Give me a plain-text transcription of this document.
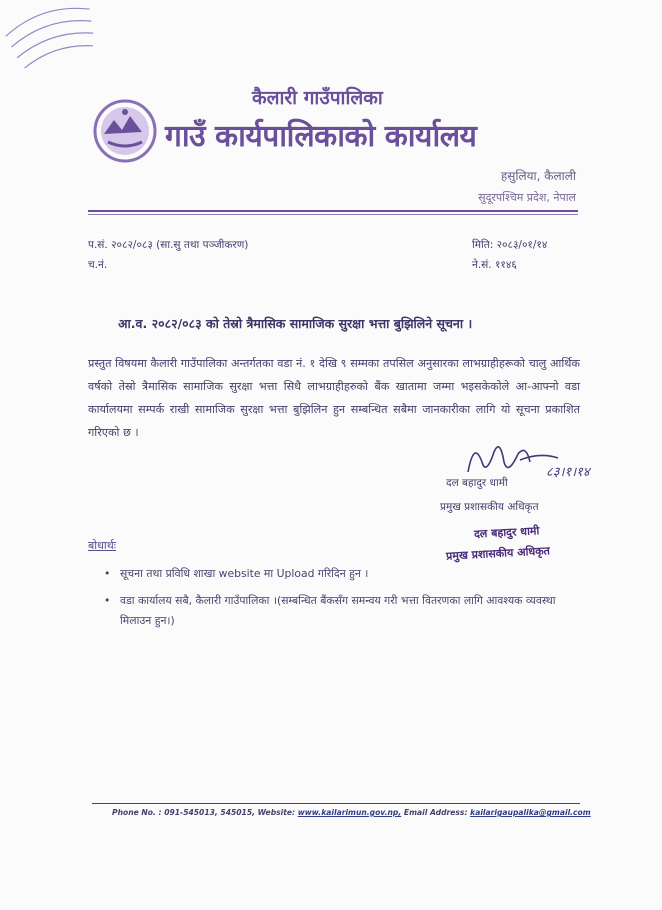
कैलारी गाउँपालिका
गाउँ कार्यपालिकाको कार्यालय
हसुलिया, कैलाली
सुदूरपश्चिम प्रदेश, नेपाल
प.सं. २०८२/०८३ (सा.सु तथा पञ्जीकरण)
च.नं.
मिति: २०८३/०१/१४
ने.सं. ११४६
आ.व. २०८२/०८३ को तेस्रो त्रैमासिक सामाजिक सुरक्षा भत्ता बुझिलिने सूचना ।
प्रस्तुत विषयमा कैलारी गाउँपालिका अन्तर्गतका वडा नं. १ देखि ९ सम्मका तपसिल अनुसारका लाभग्राहीहरूको चालु आर्थिक वर्षको तेस्रो त्रैमासिक सामाजिक सुरक्षा भत्ता सिधै लाभग्राहीहरुको बैंक खातामा जम्मा भइसकेकोले आ-आफ्नो वडा कार्यालयमा सम्पर्क राखी सामाजिक सुरक्षा भत्ता बुझिलिन हुन सम्बन्धित सबैमा जानकारीका लागि यो सूचना प्रकाशित गरिएको छ ।
८३।१।१४
दल बहादुर धामी
प्रमुख प्रशासकीय अधिकृत
दल बहादुर धामी
प्रमुख प्रशासकीय अधिकृत
बोधार्थः
• सूचना तथा प्रविधि शाखा website मा Upload गरिदिन हुन ।
• वडा कार्यालय सबै, कैलारी गाउँपालिका ।(सम्बन्धित बैंकसँग समन्वय गरी भत्ता वितरणका लागि आवश्यक व्यवस्था मिलाउन हुन।)
Phone No. : 091-545013, 545015, Website: www.kailarimun.gov.np, Email Address: kailarigaupalika@gmail.com
